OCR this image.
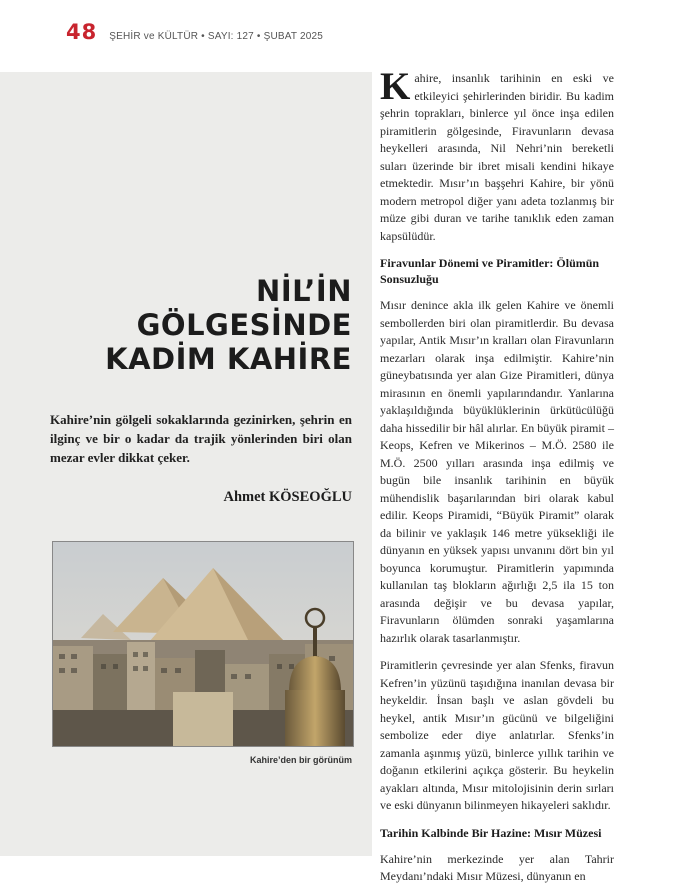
48 ŞEHİR ve KÜLTÜR • SAYI: 127 • ŞUBAT 2025
NİL’İN
GÖLGESİNDE
KADİM KAHİRE

Kahire’nin gölgeli sokaklarında gezinirken, şehrin en ilginç ve bir o kadar da trajik yönlerinden biri olan mezar evler dikkat çeker.

Ahmet KÖSEOĞLU
Kahire’den bir görünüm

Kahire, insanlık tarihinin en eski ve etkileyici şehirlerinden biridir. Bu kadim şehrin toprakları, binlerce yıl önce inşa edilen piramitlerin gölgesinde, Firavunların devasa heykelleri arasında, Nil Nehri’nin bereketli suları üzerinde bir ibret misali kendini hikaye etmektedir. Mısır’ın başşehri Kahire, bir yönü modern metropol diğer yanı adeta tozlanmış bir müze gibi duran ve tarihe tanıklık eden zaman kapsülüdür.

Firavunlar Dönemi ve Piramitler: Ölümün Sonsuzluğu

Mısır denince akla ilk gelen Kahire ve önemli sembollerden biri olan piramitlerdir. Bu devasa yapılar, Antik Mısır’ın kralları olan Firavunların mezarları olarak inşa edilmiştir. Kahire’nin güneybatısında yer alan Gize Piramitleri, dünya mirasının en önemli yapılarındandır. Yanlarına yaklaşıldığında büyüklüklerinin ürkütücülüğü daha hissedilir bir hâl alırlar. En büyük piramit – Keops, Kefren ve Mikerinos – M.Ö. 2580 ile M.Ö. 2500 yılları arasında inşa edilmiş ve bugün bile insanlık tarihinin en büyük mühendislik başarılarından biri olarak kabul edilir. Keops Piramidi, “Büyük Piramit” olarak da bilinir ve yaklaşık 146 metre yüksekliği ile dünyanın en yüksek yapısı unvanını dört bin yıl boyunca korumuştur. Piramitlerin yapımında kullanılan taş blokların ağırlığı 2,5 ila 15 ton arasında değişir ve bu devasa yapılar, Firavunların ölümden sonraki yaşamlarına hazırlık olarak tasarlanmıştır.

Piramitlerin çevresinde yer alan Sfenks, firavun Kefren’in yüzünü taşıdığına inanılan devasa bir heykeldir. İnsan başlı ve aslan gövdeli bu heykel, antik Mısır’ın gücünü ve bilgeliğini sembolize eder diye anlatırlar. Sfenks’in zamanla aşınmış yüzü, binlerce yıllık tarihin ve doğanın etkilerini açıkça gösterir. Bu heykelin ayakları altında, Mısır mitolojisinin derin sırları ve eski dünyanın bilinmeyen hikayeleri saklıdır.

Tarihin Kalbinde Bir Hazine: Mısır Müzesi

Kahire’nin merkezinde yer alan Tahrir Meydanı’ndaki Mısır Müzesi, dünyanın en
